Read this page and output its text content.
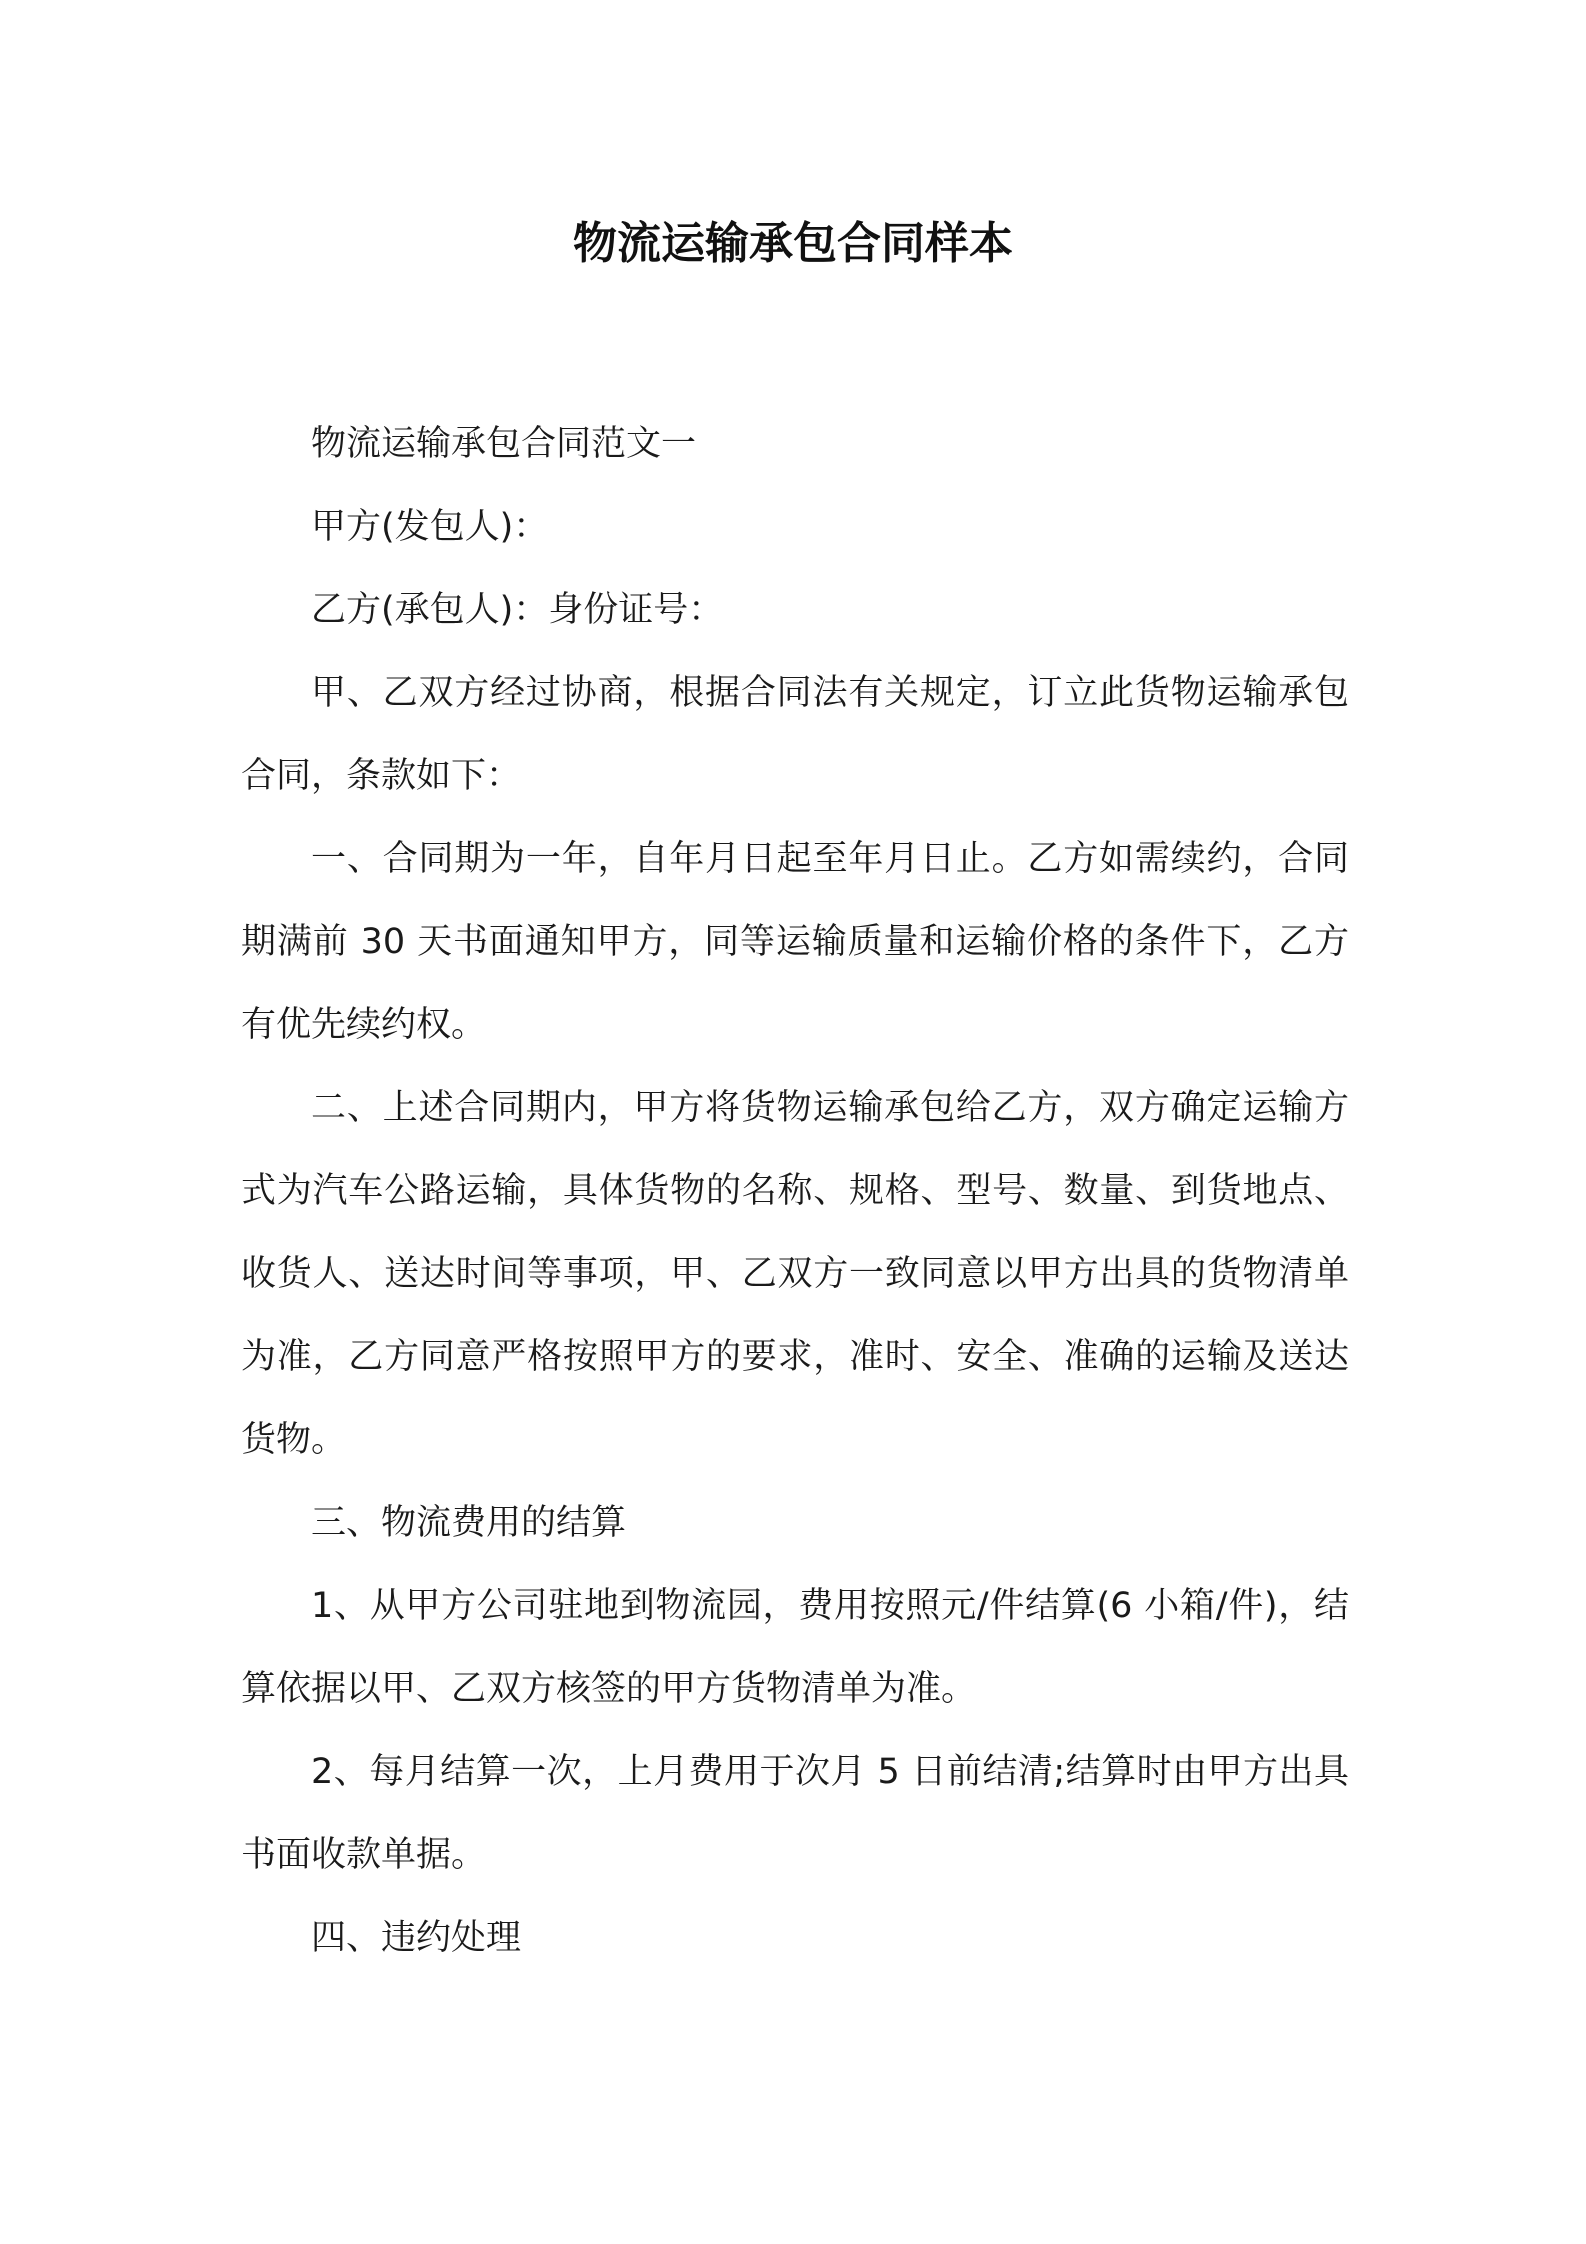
物流运输承包合同样本

物流运输承包合同范文一

甲方(发包人)：

乙方(承包人)：身份证号：

甲、乙双方经过协商，根据合同法有关规定，订立此货物运输承包合同，条款如下：

一、合同期为一年，自年月日起至年月日止。乙方如需续约，合同期满前 30 天书面通知甲方，同等运输质量和运输价格的条件下，乙方有优先续约权。

二、上述合同期内，甲方将货物运输承包给乙方，双方确定运输方式为汽车公路运输，具体货物的名称、规格、型号、数量、到货地点、收货人、送达时间等事项，甲、乙双方一致同意以甲方出具的货物清单为准，乙方同意严格按照甲方的要求，准时、安全、准确的运输及送达货物。

三、物流费用的结算

1、从甲方公司驻地到物流园，费用按照元/件结算(6 小箱/件)，结算依据以甲、乙双方核签的甲方货物清单为准。

2、每月结算一次，上月费用于次月 5 日前结清;结算时由甲方出具书面收款单据。

四、违约处理
